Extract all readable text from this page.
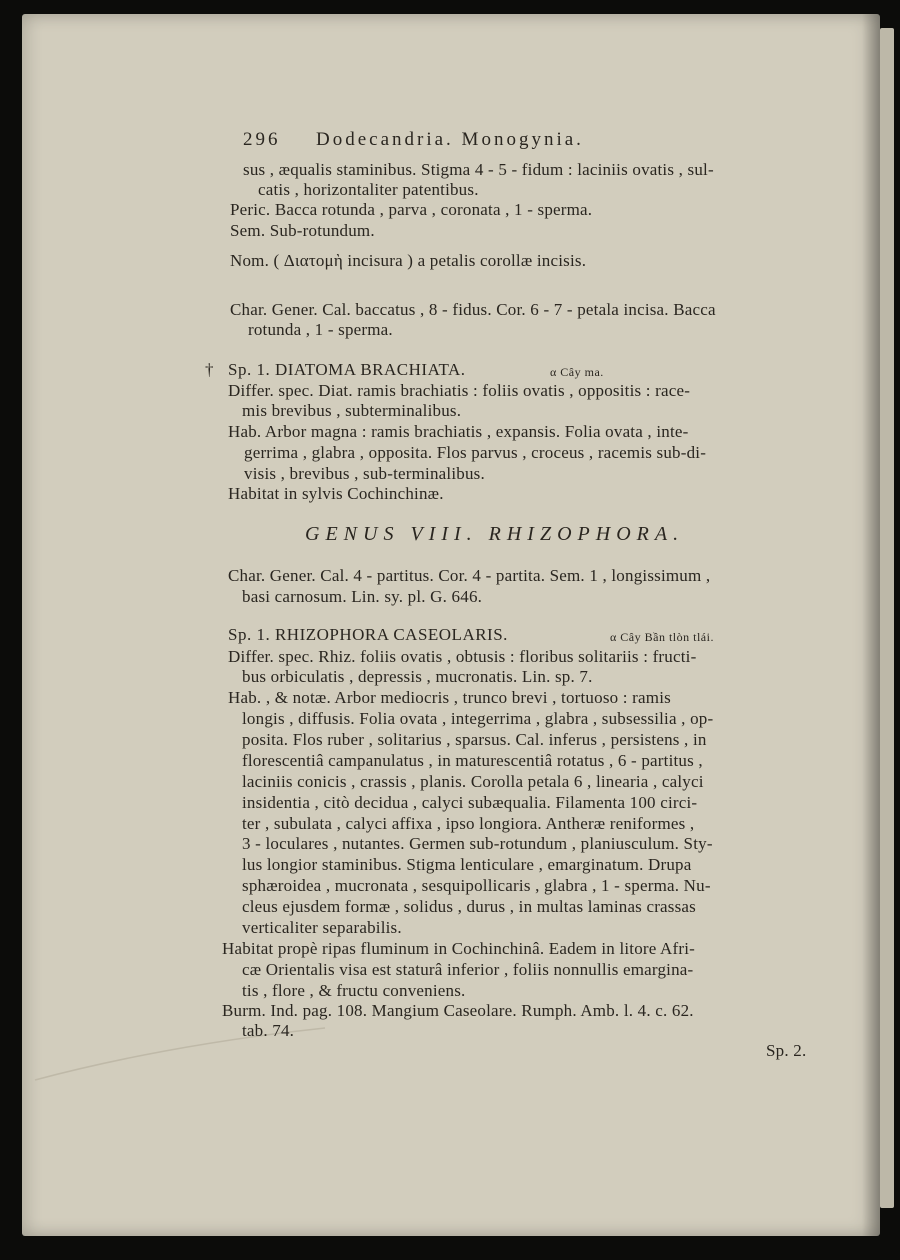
296 Dodecandria. Monogynia.
sus , æqualis staminibus. Stigma 4 - 5 - fidum : laciniis ovatis , sul-
catis , horizontaliter patentibus.
Peric. Bacca rotunda , parva , coronata , 1 - sperma.
Sem. Sub-rotundum.
Nom. ( Διατομὴ incisura ) a petalis corollæ incisis.
Char. Gener. Cal. baccatus , 8 - fidus. Cor. 6 - 7 - petala incisa. Bacca
rotunda , 1 - sperma.
† Sp. 1. DIATOMA BRACHIATA.	α Cây ma.
Differ. spec. Diat. ramis brachiatis : foliis ovatis , oppositis : race-
mis brevibus , subterminalibus.
Hab. Arbor magna : ramis brachiatis , expansis. Folia ovata , inte-
gerrima , glabra , opposita. Flos parvus , croceus , racemis sub-di-
visis , brevibus , sub-terminalibus.
Habitat in sylvis Cochinchinæ.
GENUS VIII. RHIZOPHORA.
Char. Gener. Cal. 4 - partitus. Cor. 4 - partita. Sem. 1 , longissimum ,
basi carnosum. Lin. sy. pl. G. 646.
Sp. 1. RHIZOPHORA CASEOLARIS.	α Cây Bần tlòn tlái.
Differ. spec. Rhiz. foliis ovatis , obtusis : floribus solitariis : fructi-
bus orbiculatis , depressis , mucronatis. Lin. sp. 7.
Hab. , & notæ. Arbor mediocris , trunco brevi , tortuoso : ramis
longis , diffusis. Folia ovata , integerrima , glabra , subsessilia , op-
posita. Flos ruber , solitarius , sparsus. Cal. inferus , persistens , in
florescentiâ campanulatus , in maturescentiâ rotatus , 6 - partitus ,
laciniis conicis , crassis , planis. Corolla petala 6 , linearia , calyci
insidentia , citò decidua , calyci subæqualia. Filamenta 100 circi-
ter , subulata , calyci affixa , ipso longiora. Antheræ reniformes ,
3 - loculares , nutantes. Germen sub-rotundum , planiusculum. Sty-
lus longior staminibus. Stigma lenticulare , emarginatum. Drupa
sphæroidea , mucronata , sesquipollicaris , glabra , 1 - sperma. Nu-
cleus ejusdem formæ , solidus , durus , in multas laminas crassas
verticaliter separabilis.
Habitat propè ripas fluminum in Cochinchinâ. Eadem in litore Afri-
cæ Orientalis visa est staturâ inferior , foliis nonnullis emargina-
tis , flore , & fructu conveniens.
Burm. Ind. pag. 108. Mangium Caseolare. Rumph. Amb. l. 4. c. 62.
tab. 74.
Sp. 2.
